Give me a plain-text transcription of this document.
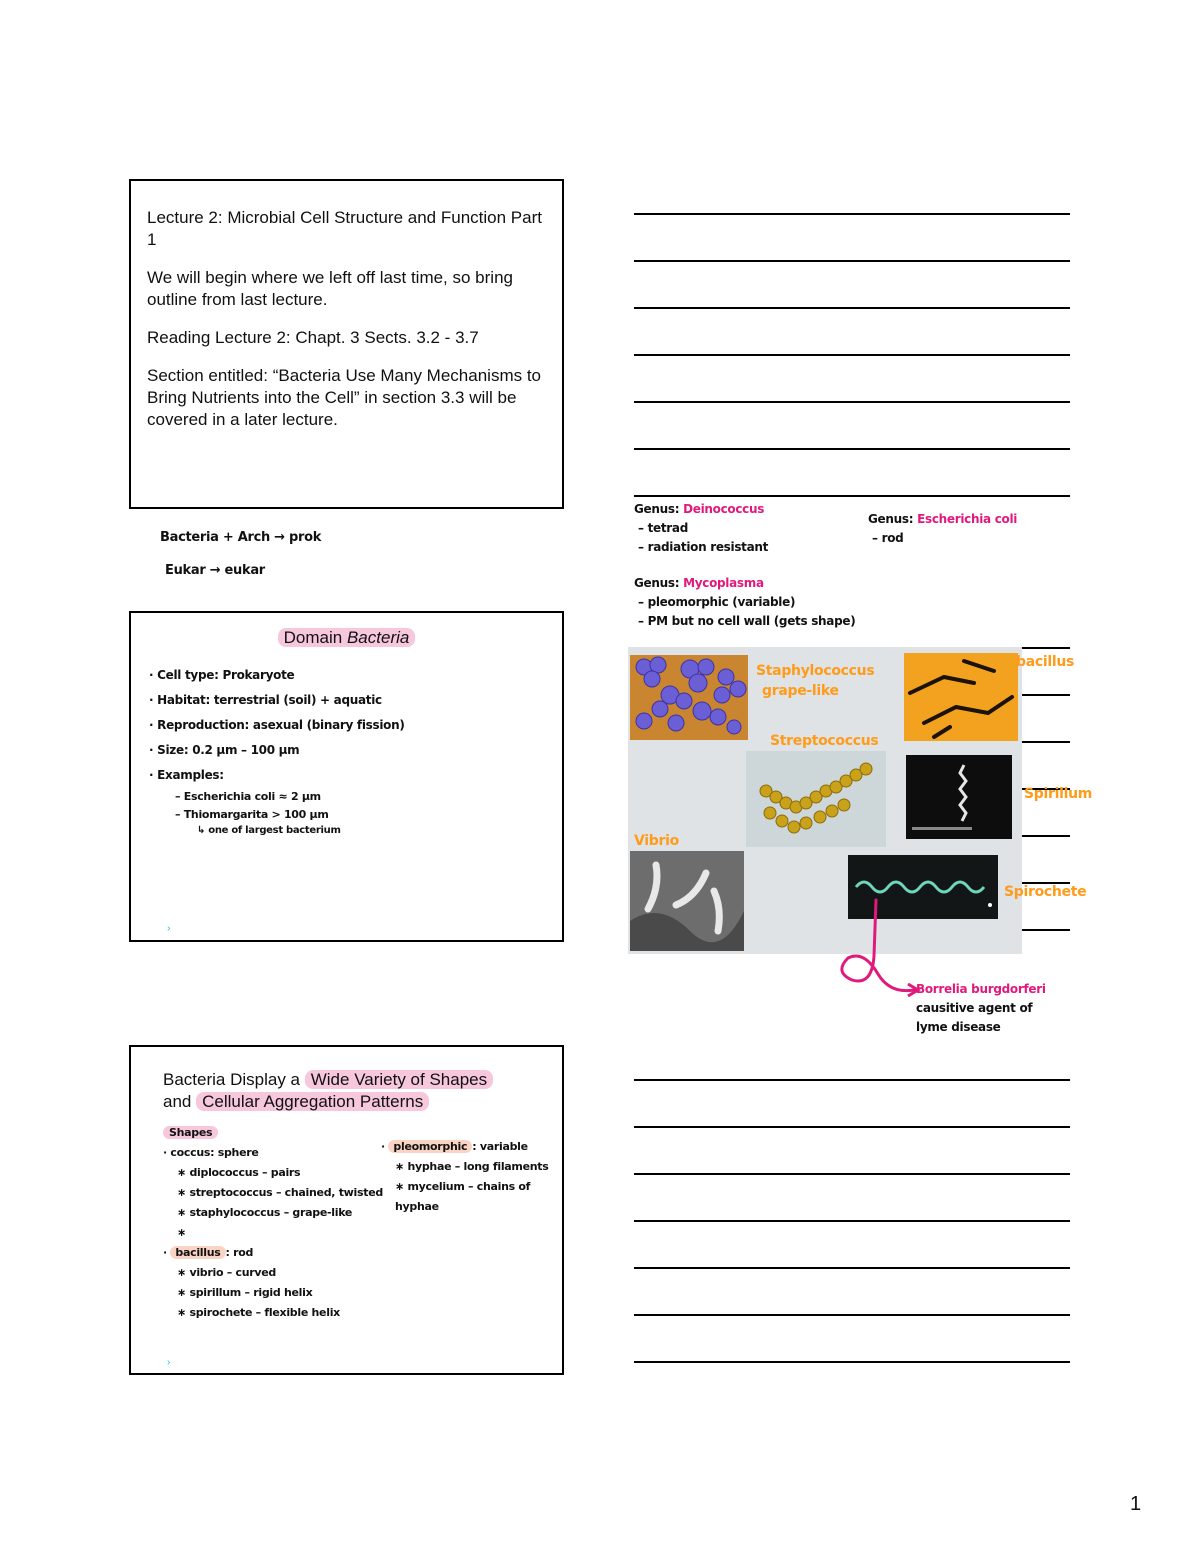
Lecture 2: Microbial Cell Structure and Function Part 1

We will begin where we left off last time, so bring outline from last lecture.

Reading Lecture 2: Chapt. 3 Sects. 3.2 - 3.7

Section entitled: “Bacteria Use Many Mechanisms to Bring Nutrients into the Cell” in section 3.3 will be covered in a later lecture.

Bacteria + Arch → prok
Eukar → eukar
Domain Bacteria
· Cell type: Prokaryote
· Habitat: terrestrial (soil) + aquatic
· Reproduction: asexual (binary fission)
· Size: 0.2 µm – 100 µm
· Examples:
– Escherichia coli ≈ 2 µm
– Thiomargarita > 100 µm
↳ one of largest bacterium
›
Bacteria Display a Wide Variety of Shapes
and Cellular Aggregation Patterns
Shapes
· coccus: sphere
∗ diplococcus – pairs
∗ streptococcus – chained, twisted
∗ staphylococcus – grape-like
∗
· bacillus : rod
∗ vibrio – curved
∗ spirillum – rigid helix
∗ spirochete – flexible helix
· pleomorphic : variable
∗ hyphae – long filaments
∗ mycelium – chains of hyphae
›
Genus: Deinococcus
– tetrad
– radiation resistant
Genus: Escherichia coli
– rod
Genus: Mycoplasma
– pleomorphic (variable)
– PM but no cell wall (gets shape)
Staphylococcus
grape-like
Streptococcus
Vibrio
bacillus
Spirillum
Spirochete
Borrelia burgdorferi
causitive agent of
lyme disease
1
